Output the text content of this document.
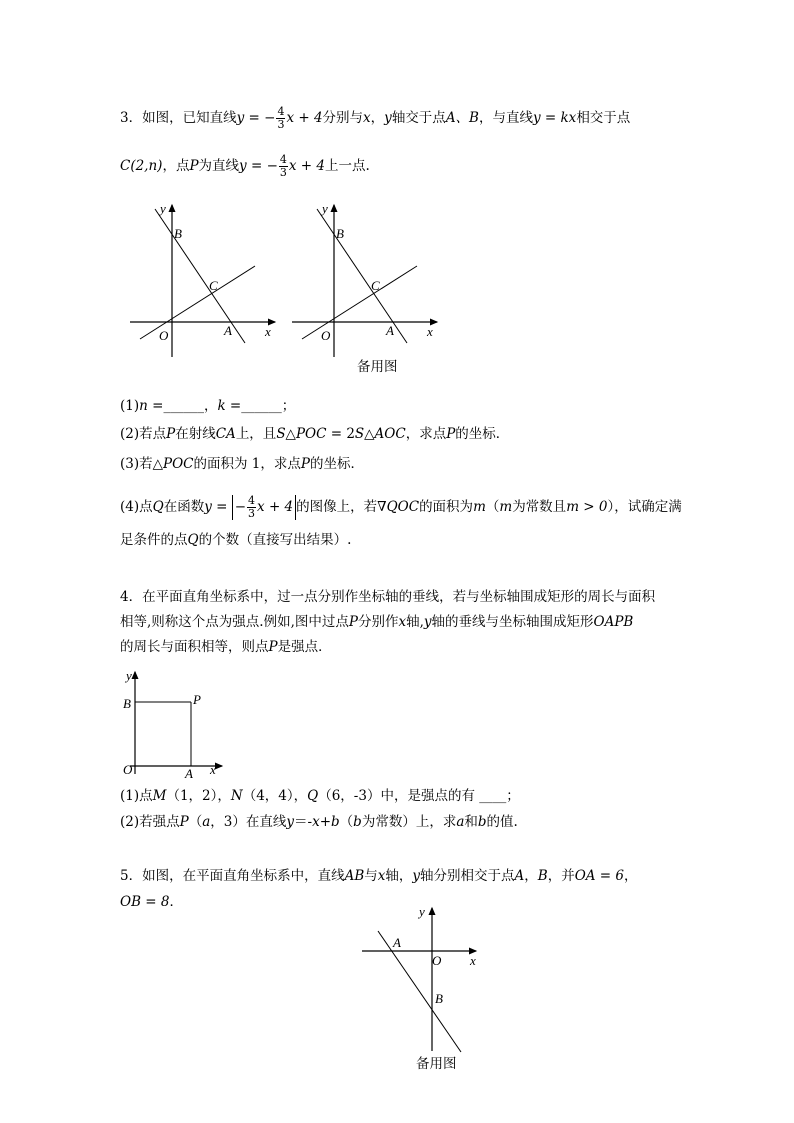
3．如图，已知直线y = − $\frac{4}{3}$ x + 4分别与x，y轴交于点A、B，与直线y = kx相交于点
C(2,n)，点P为直线y = − $\frac{4}{3}$ x + 4上一点.
y
x
B
C
O	A
y
x
B
C
O	A
备用图
(1)n =______，k =______；
(2)若点P在射线CA上，且S△POC = 2S△AOC，求点P的坐标．
(3)若△POC的面积为 1，求点P的坐标．
(4)点Q在函数y = − $\frac{4}{3}$ x + 4 的图像上，若∇QOC的面积为m（m为常数且m > 0），试确定满
足条件的点Q的个数（直接写出结果）.
4．在平面直角坐标系中，过一点分别作坐标轴的垂线，若与坐标轴围成矩形的周长与面积
相等,则称这个点为强点.例如,图中过点P分别作x轴,y轴的垂线与坐标轴围成矩形OAPB
的周长与面积相等，则点P是强点．
y
x
B	P
O	A
(1)点M（1，2），N（4，4），Q（6，‐3）中，是强点的有 ____；
(2)若强点P（a，3）在直线y＝‐x+b（b为常数）上，求a和b的值.
5．如图，在平面直角坐标系中，直线AB与x轴，y轴分别相交于点A，B，并OA = 6，
OB = 8．
y
x
A
O
B
备用图
